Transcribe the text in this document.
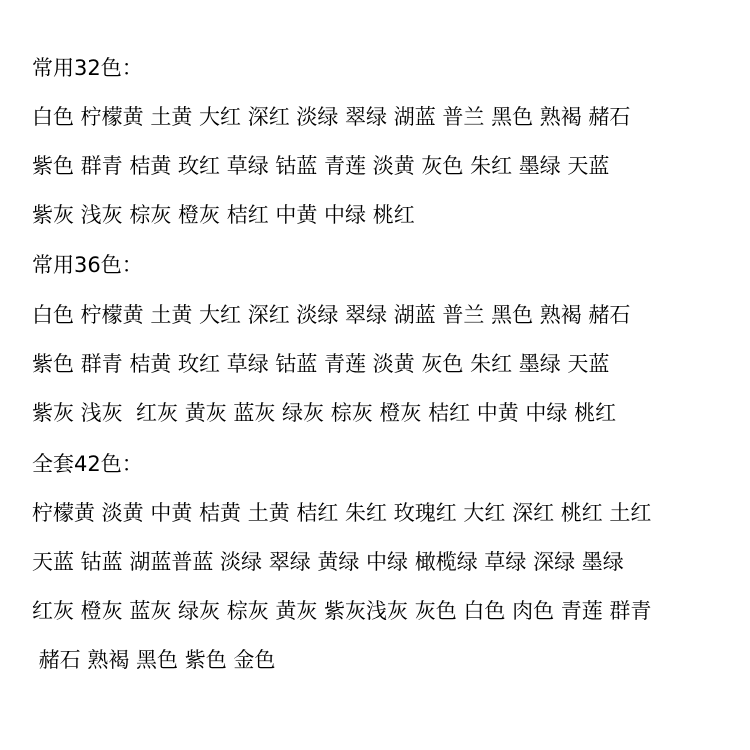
常用32色：
白色 柠檬黄 土黄 大红 深红 淡绿 翠绿 湖蓝 普兰 黑色 熟褐 赭石
紫色 群青 桔黄 玫红 草绿 钴蓝 青莲 淡黄 灰色 朱红 墨绿 天蓝
紫灰 浅灰 棕灰 橙灰 桔红 中黄 中绿 桃红
常用36色：
白色 柠檬黄 土黄 大红 深红 淡绿 翠绿 湖蓝 普兰 黑色 熟褐 赭石
紫色 群青 桔黄 玫红 草绿 钴蓝 青莲 淡黄 灰色 朱红 墨绿 天蓝
紫灰 浅灰  红灰 黄灰 蓝灰 绿灰 棕灰 橙灰 桔红 中黄 中绿 桃红
全套42色：
柠檬黄 淡黄 中黄 桔黄 土黄 桔红 朱红 玫瑰红 大红 深红 桃红 土红
天蓝 钴蓝 湖蓝普蓝 淡绿 翠绿 黄绿 中绿 橄榄绿 草绿 深绿 墨绿
红灰 橙灰 蓝灰 绿灰 棕灰 黄灰 紫灰浅灰 灰色 白色 肉色 青莲 群青
赭石 熟褐 黑色 紫色 金色
